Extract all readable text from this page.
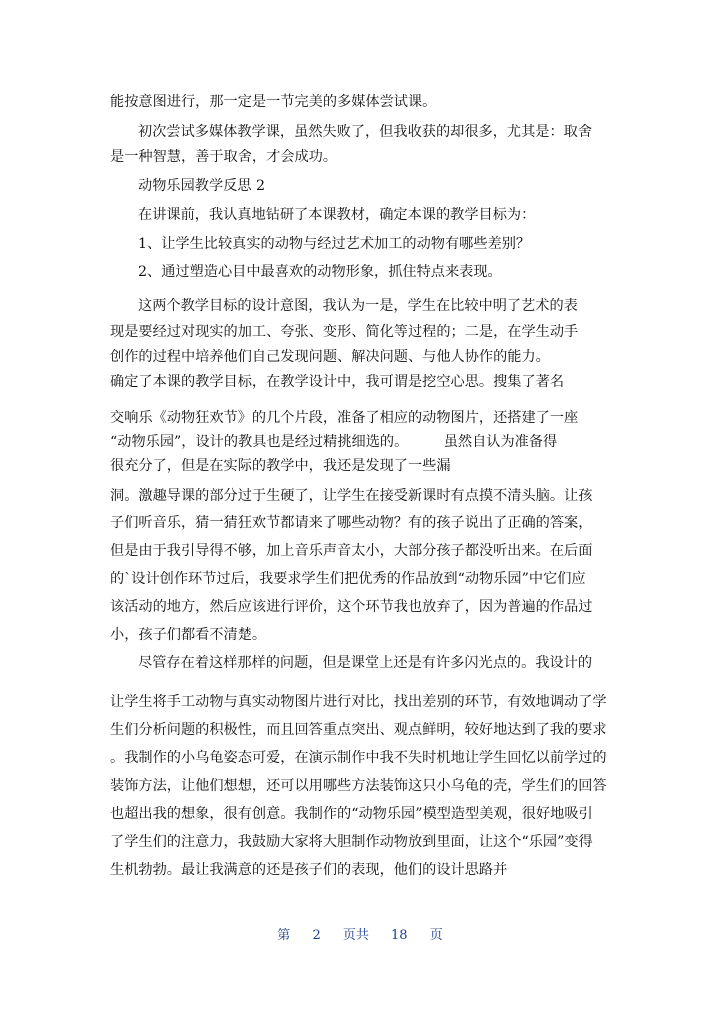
能按意图进行，那一定是一节完美的多媒体尝试课。

初次尝试多媒体教学课，虽然失败了，但我收获的却很多，尤其是：取舍

是一种智慧，善于取舍，才会成功。

动物乐园教学反思 2

在讲课前，我认真地钻研了本课教材，确定本课的教学目标为：

1、让学生比较真实的动物与经过艺术加工的动物有哪些差别？

2、通过塑造心目中最喜欢的动物形象，抓住特点来表现。

这两个教学目标的设计意图，我认为一是，学生在比较中明了艺术的表

现是要经过对现实的加工、夸张、变形、简化等过程的；二是，在学生动手

创作的过程中培养他们自己发现问题、解决问题、与他人协作的能力。

确定了本课的教学目标，在教学设计中，我可谓是挖空心思。搜集了著名

交响乐《动物狂欢节》的几个片段，准备了相应的动物图片，还搭建了一座

“动物乐园”，设计的教具也是经过精挑细选的。　　　虽然自认为准备得

很充分了，但是在实际的教学中，我还是发现了一些漏

洞。激趣导课的部分过于生硬了，让学生在接受新课时有点摸不清头脑。让孩

子们听音乐，猜一猜狂欢节都请来了哪些动物？有的孩子说出了正确的答案，

但是由于我引导得不够，加上音乐声音太小，大部分孩子都没听出来。在后面

的`设计创作环节过后，我要求学生们把优秀的作品放到“动物乐园”中它们应

该活动的地方，然后应该进行评价，这个环节我也放弃了，因为普遍的作品过

小，孩子们都看不清楚。

尽管存在着这样那样的问题，但是课堂上还是有许多闪光点的。我设计的

让学生将手工动物与真实动物图片进行对比，找出差别的环节，有效地调动了学

生们分析问题的积极性，而且回答重点突出、观点鲜明，较好地达到了我的要求

。我制作的小乌龟姿态可爱，在演示制作中我不失时机地让学生回忆以前学过的

装饰方法，让他们想想，还可以用哪些方法装饰这只小乌龟的壳，学生们的回答

也超出我的想象，很有创意。我制作的“动物乐园”模型造型美观，很好地吸引

了学生们的注意力，我鼓励大家将大胆制作动物放到里面，让这个“乐园”变得

生机勃勃。最让我满意的还是孩子们的表现，他们的设计思路并

第 2 页共 18 页
